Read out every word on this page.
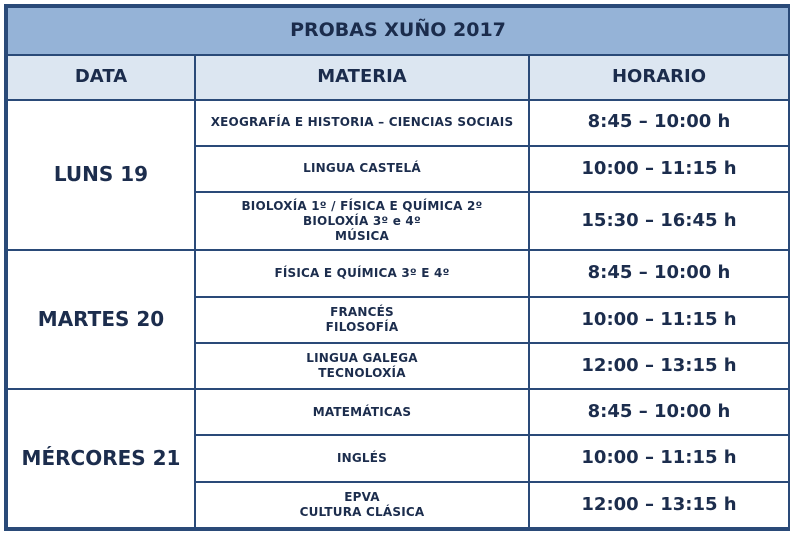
PROBAS XUÑO 2017		
DATA	MATERIA	HORARIO
LUNS 19	XEOGRAFÍA E HISTORIA – CIENCIAS SOCIAIS	8:45 – 10:00 h

	LINGUA CASTELÁ	10:00 – 11:15 h

	BIOLOXÍA 1º / FÍSICA E QUÍMICA 2º
BIOLOXÍA 3º e 4º
MÚSICA	15:30 – 16:45 h
MARTES 20	FÍSICA E QUÍMICA 3º E 4º	8:45 – 10:00 h

	FRANCÉS
FILOSOFÍA	10:00 – 11:15 h

	LINGUA GALEGA
TECNOLOXÍA	12:00 – 13:15 h
MÉRCORES 21	MATEMÁTICAS	8:45 – 10:00 h

	INGLÉS	10:00 – 11:15 h

	EPVA
CULTURA CLÁSICA	12:00 – 13:15 h
